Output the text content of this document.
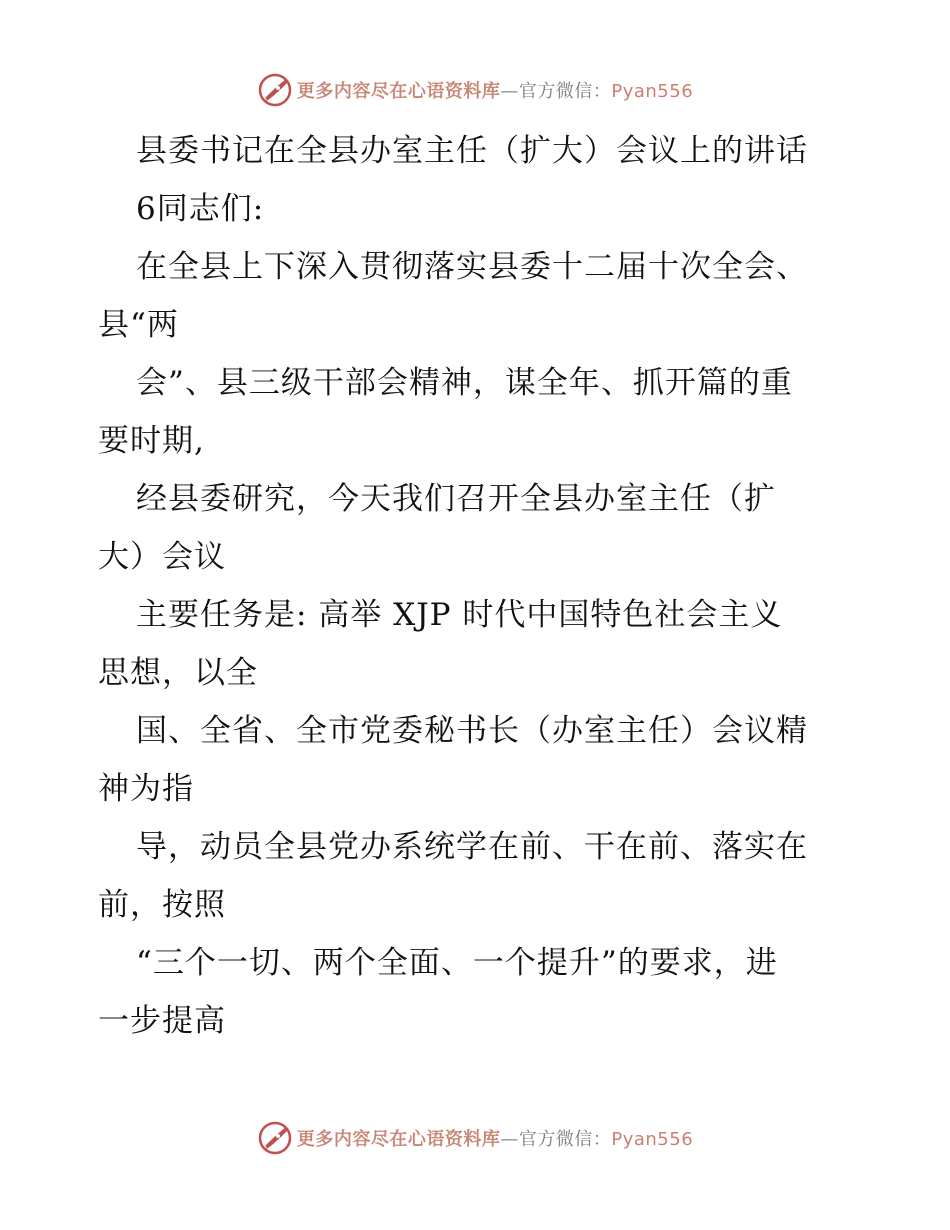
更多内容尽在心语资料库—官方微信：Pyan556
县委书记在全县办室主任（扩大）会议上的讲话
6同志们:
在全县上下深入贯彻落实县委十二届十次全会、
县“两
会”、县三级干部会精神，谋全年、抓开篇的重
要时期,
经县委研究，今天我们召开全县办室主任（扩
大）会议
主要任务是: 高举 XJP 时代中国特色社会主义
思想，以全
国、全省、全市党委秘书长（办室主任）会议精
神为指
导，动员全县党办系统学在前、干在前、落实在
前，按照
“三个一切、两个全面、一个提升”的要求，进
一步提高
更多内容尽在心语资料库—官方微信：Pyan556
